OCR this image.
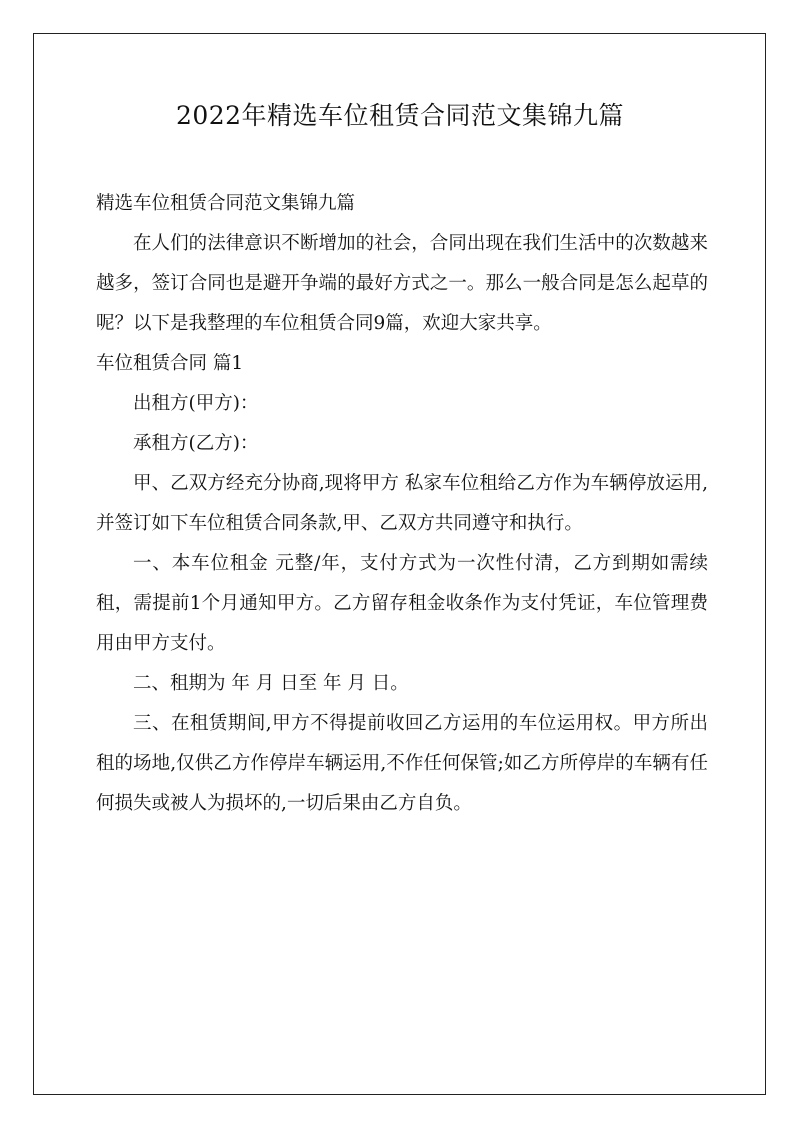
2022年精选车位租赁合同范文集锦九篇

精选车位租赁合同范文集锦九篇

在人们的法律意识不断增加的社会，合同出现在我们生活中的次数越来越多，签订合同也是避开争端的最好方式之一。那么一般合同是怎么起草的呢？以下是我整理的车位租赁合同9篇，欢迎大家共享。

车位租赁合同 篇1

出租方(甲方)：

承租方(乙方)：

甲、乙双方经充分协商,现将甲方 私家车位租给乙方作为车辆停放运用,并签订如下车位租赁合同条款,甲、乙双方共同遵守和执行。

一、本车位租金 元整/年，支付方式为一次性付清，乙方到期如需续租，需提前1个月通知甲方。乙方留存租金收条作为支付凭证，车位管理费用由甲方支付。

二、租期为 年 月 日至 年 月 日。

三、在租赁期间,甲方不得提前收回乙方运用的车位运用权。甲方所出租的场地,仅供乙方作停岸车辆运用,不作任何保管;如乙方所停岸的车辆有任何损失或被人为损坏的,一切后果由乙方自负。
